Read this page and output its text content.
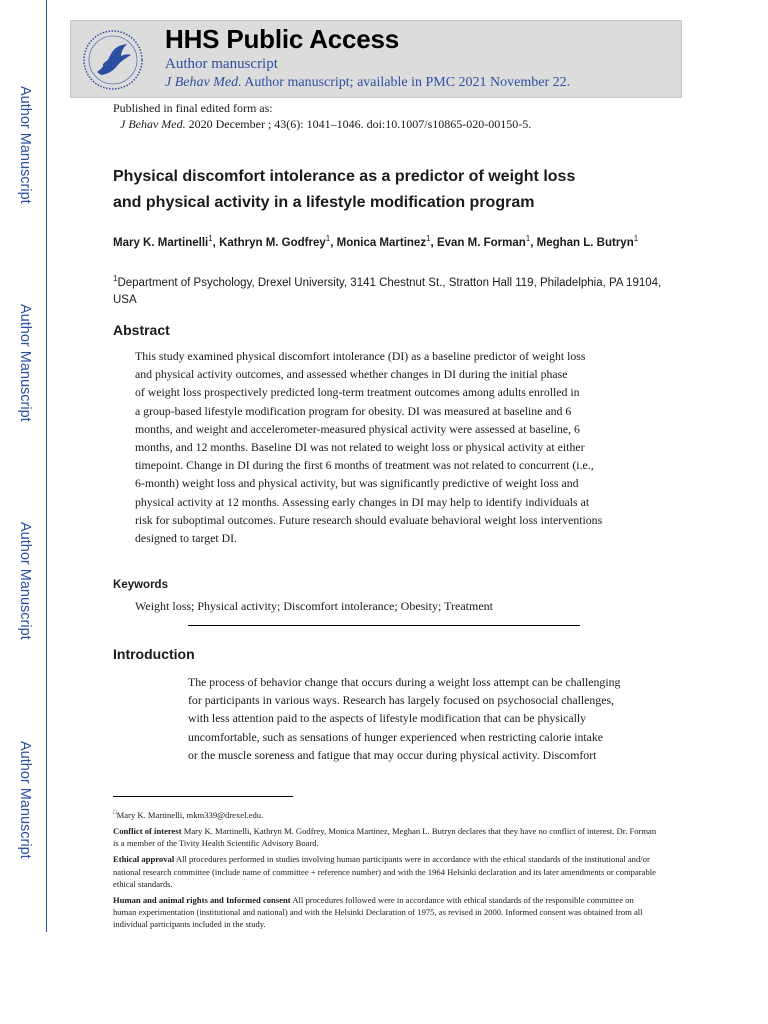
Author Manuscript
Author Manuscript
Author Manuscript
Author Manuscript
HHS Public Access
Author manuscript
J Behav Med. Author manuscript; available in PMC 2021 November 22.
Published in final edited form as:
J Behav Med. 2020 December ; 43(6): 1041–1046. doi:10.1007/s10865-020-00150-5.
Physical discomfort intolerance as a predictor of weight loss
and physical activity in a lifestyle modification program
Mary K. Martinelli$^1$, Kathryn M. Godfrey$^1$, Monica Martinez$^1$, Evan M. Forman$^1$, Meghan L. Butryn$^1$
$^1$Department of Psychology, Drexel University, 3141 Chestnut St., Stratton Hall 119, Philadelphia, PA 19104, USA
Abstract
This study examined physical discomfort intolerance (DI) as a baseline predictor of weight loss
and physical activity outcomes, and assessed whether changes in DI during the initial phase
of weight loss prospectively predicted long-term treatment outcomes among adults enrolled in
a group-based lifestyle modification program for obesity. DI was measured at baseline and 6
months, and weight and accelerometer-measured physical activity were assessed at baseline, 6
months, and 12 months. Baseline DI was not related to weight loss or physical activity at either
timepoint. Change in DI during the first 6 months of treatment was not related to concurrent (i.e.,
6-month) weight loss and physical activity, but was significantly predictive of weight loss and
physical activity at 12 months. Assessing early changes in DI may help to identify individuals at
risk for suboptimal outcomes. Future research should evaluate behavioral weight loss interventions
designed to target DI.
Keywords
Weight loss; Physical activity; Discomfort intolerance; Obesity; Treatment
Introduction
The process of behavior change that occurs during a weight loss attempt can be challenging
for participants in various ways. Research has largely focused on psychosocial challenges,
with less attention paid to the aspects of lifestyle modification that can be physically
uncomfortable, such as sensations of hunger experienced when restricting calorie intake
or the muscle soreness and fatigue that may occur during physical activity. Discomfort

□Mary K. Martinelli, mkm339@drexel.edu.

Conflict of interest Mary K. Martinelli, Kathryn M. Godfrey, Monica Martinez, Meghan L. Butryn declares that they have no conflict of interest. Dr. Forman is a member of the Tivity Health Scientific Advisory Board.

Ethical approval All procedures performed in studies involving human participants were in accordance with the ethical standards of the institutional and/or national research committee (include name of committee + reference number) and with the 1964 Helsinki declaration and its later amendments or comparable ethical standards.

Human and animal rights and Informed consent All procedures followed were in accordance with ethical standards of the responsible committee on human experimentation (institutional and national) and with the Helsinki Declaration of 1975, as revised in 2000. Informed consent was obtained from all individual participants included in the study.
